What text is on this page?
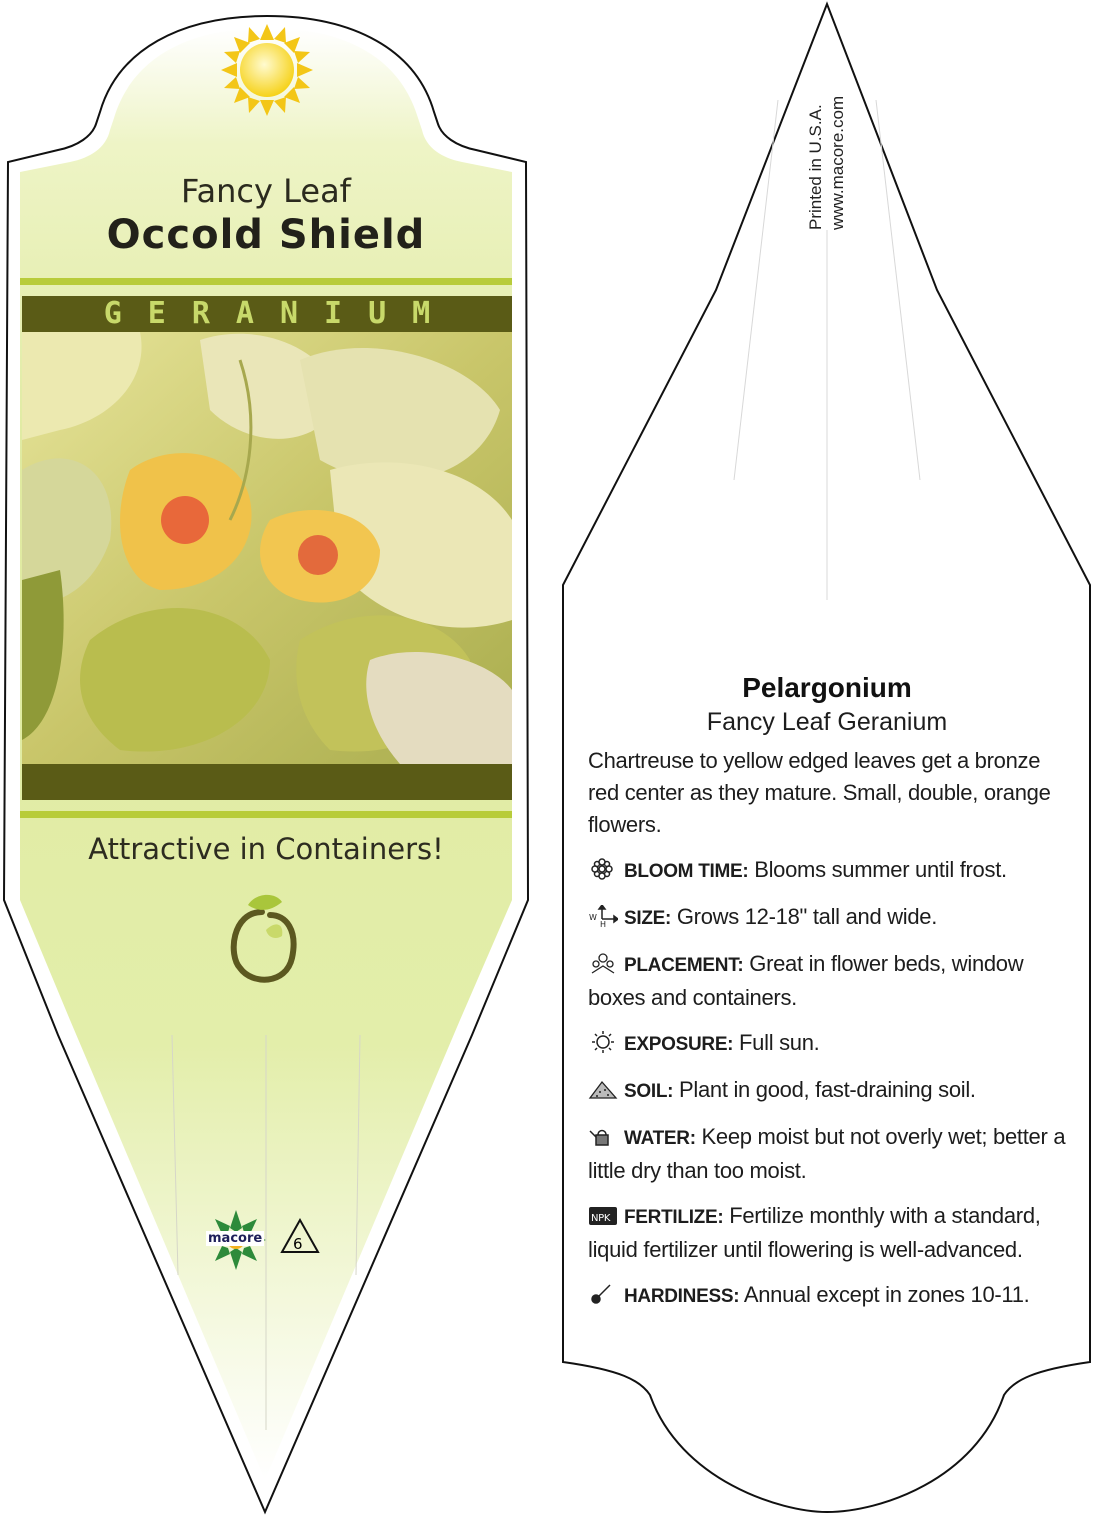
Fancy Leaf
Occold Shield
GERANIUM
Attractive in Containers!
macore 6
Printed in U.S.A. www.macore.com
Pelargonium
Fancy Leaf Geranium
Chartreuse to yellow edged leaves get a bronze red center as they mature. Small, double, orange flowers.
BLOOM TIME: Blooms summer until frost.
W
H SIZE: Grows 12-18" tall and wide.
PLACEMENT: Great in flower beds, window boxes and containers.
EXPOSURE: Full sun.
SOIL: Plant in good, fast-draining soil.
WATER: Keep moist but not overly wet; better a little dry than too moist.
NPK FERTILIZE: Fertilize monthly with a standard, liquid fertilizer until flowering is well-advanced.
HARDINESS: Annual except in zones 10-11.
